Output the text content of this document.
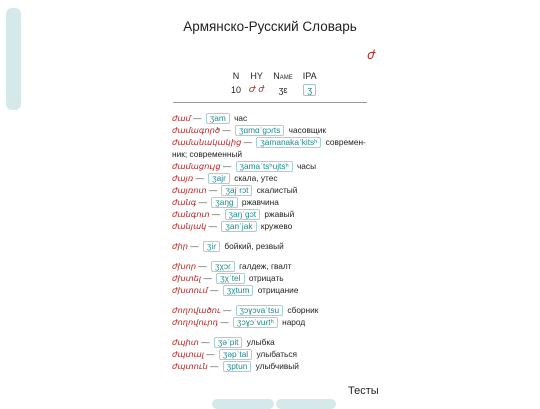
Армянско-Русский Словарь
ժ
N	HY	Name	IPA
10	Ժ ժ	ʒɛ	ʒ
ժամ — ʒam час
ժամագործ — ʒɑmɑˈgɔɾts часовщик
ժամանակակից — ʒamanakaˈkitsʰ современ-ник; современный
ժամացույց — ʒamaˈtsʰujtsʰ часы
ժայռ — ʒajr скала, утес
ժայռոտ — ʒajˈrɔt скалистый
ժանգ — ʒaŋg ржавчина
ժանգոտ — ʒaŋˈgɔt ржавый
ժանյակ — ʒanˈjak кружево
ժիր — ʒiɾ бойкий, резвый
ժխոր — ʒχɔɾ галдеж, гвалт
ժխտել — ʒχˈtel отрицать
ժխտում — ʒχtum отрицание
ժողովածու — ʒɔɣɔvaˈtsu сборник
ժողովուրդ — ʒɔɣɔˈvuɾtʰ народ
ժպիտ — ʒəˈpit улыбка
ժպտալ — ʒəpˈtal улыбаться
ժպտուն — ʒptun улыбчивый
Тесты
